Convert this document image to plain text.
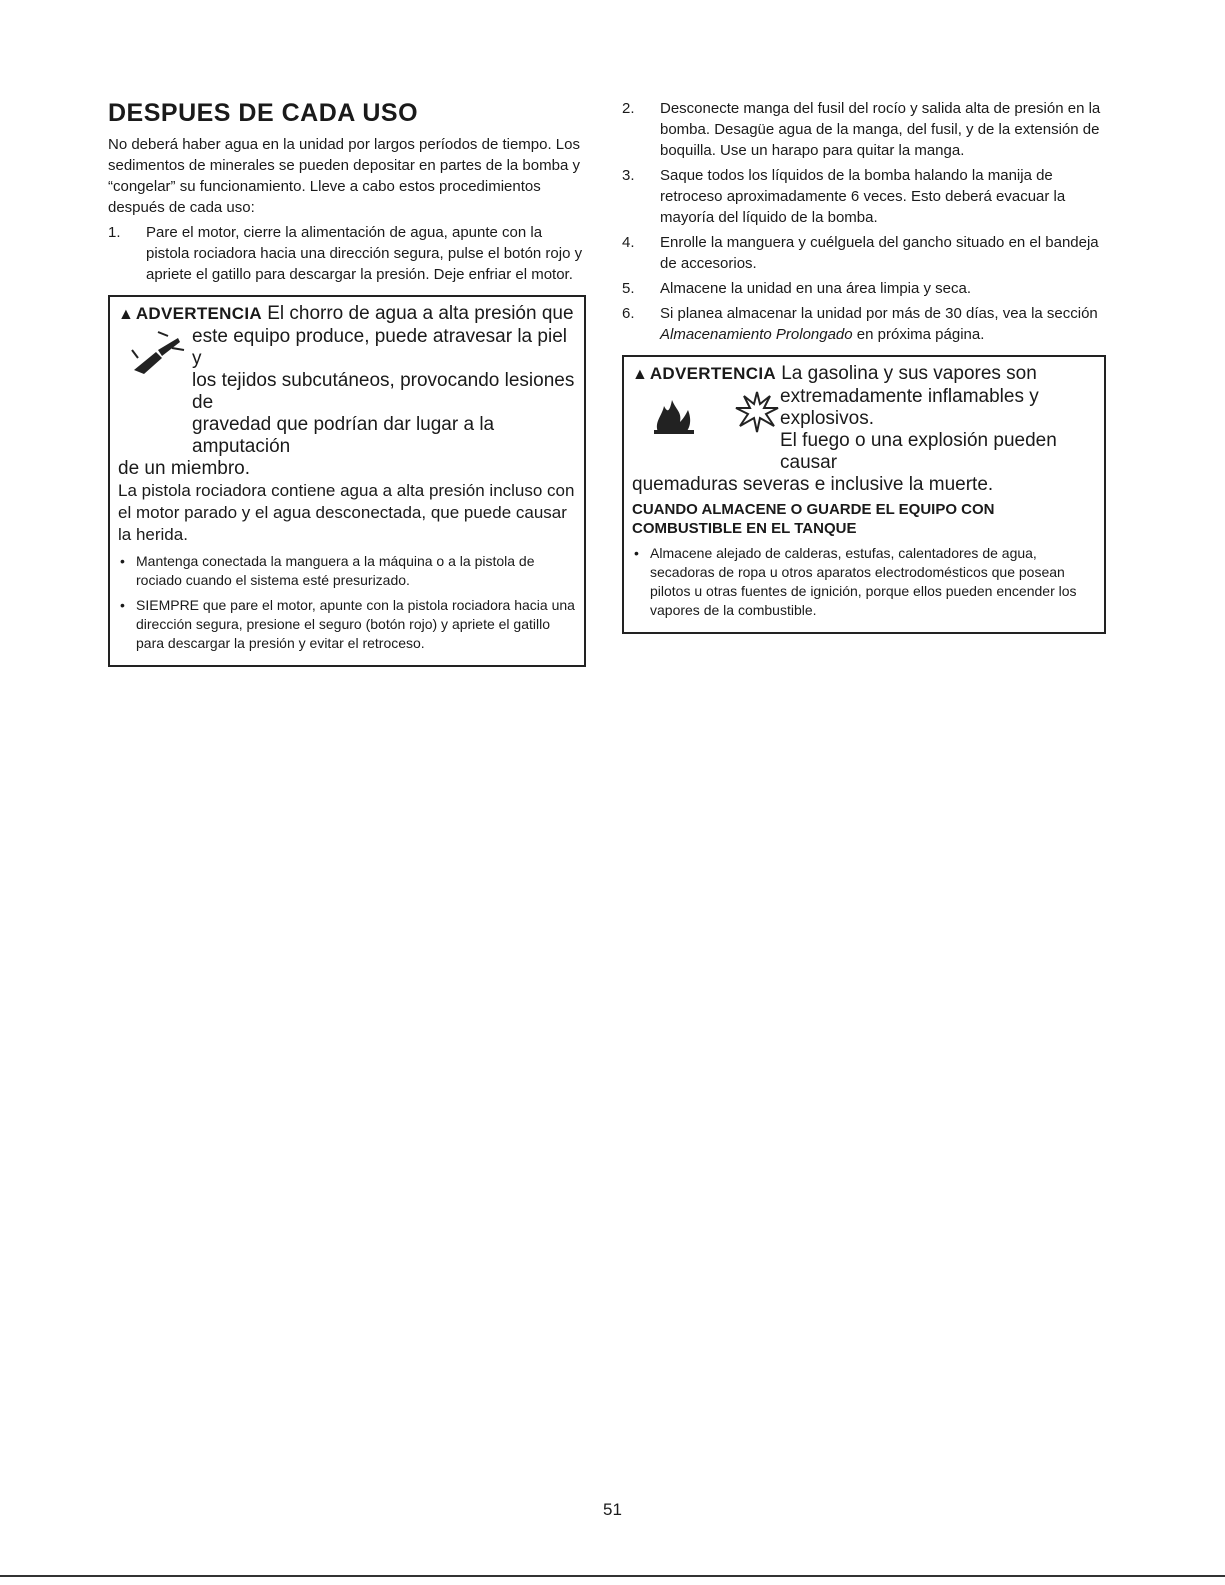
DESPUES DE CADA USO

No deberá haber agua en la unidad por largos períodos de tiempo. Los sedimentos de minerales se pueden depositar en partes de la bomba y “congelar” su funcionamiento. Lleve a cabo estos procedimientos después de cada uso:

1. Pare el motor, cierre la alimentación de agua, apunte con la pistola rociadora hacia una dirección segura, pulse el botón rojo y apriete el gatillo para descargar la presión. Deje enfriar el motor.
▲ ADVERTENCIA El chorro de agua a alta presión que
este equipo produce, puede atravesar la piel y
los tejidos subcutáneos, provocando lesiones de
gravedad que podrían dar lugar a la amputación
de un miembro.
La pistola rociadora contiene agua a alta presión incluso con el motor parado y el agua desconectada, que puede causar la herida.
• Mantenga conectada la manguera a la máquina o a la pistola de rociado cuando el sistema esté presurizado.
• SIEMPRE que pare el motor, apunte con la pistola rociadora hacia una dirección segura, presione el seguro (botón rojo) y apriete el gatillo para descargar la presión y evitar el retroceso.
2. Desconecte manga del fusil del rocío y salida alta de presión en la bomba. Desagüe agua de la manga, del fusil, y de la extensión de boquilla. Use un harapo para quitar la manga.
3. Saque todos los líquidos de la bomba halando la manija de retroceso aproximadamente 6 veces. Esto deberá evacuar la mayoría del líquido de la bomba.
4. Enrolle la manguera y cuélguela del gancho situado en el bandeja de accesorios.
5. Almacene la unidad en una área limpia y seca.
6. Si planea almacenar la unidad por más de 30 días, vea la sección Almacenamiento Prolongado en próxima página.
▲ ADVERTENCIA La gasolina y sus vapores son
extremadamente inflamables y
explosivos.
El fuego o una explosión pueden causar
quemaduras severas e inclusive la muerte.
CUANDO ALMACENE O GUARDE EL EQUIPO CON COMBUSTIBLE EN EL TANQUE
• Almacene alejado de calderas, estufas, calentadores de agua, secadoras de ropa u otros aparatos electrodomésticos que posean pilotos u otras fuentes de ignición, porque ellos pueden encender los vapores de la combustible.
51
